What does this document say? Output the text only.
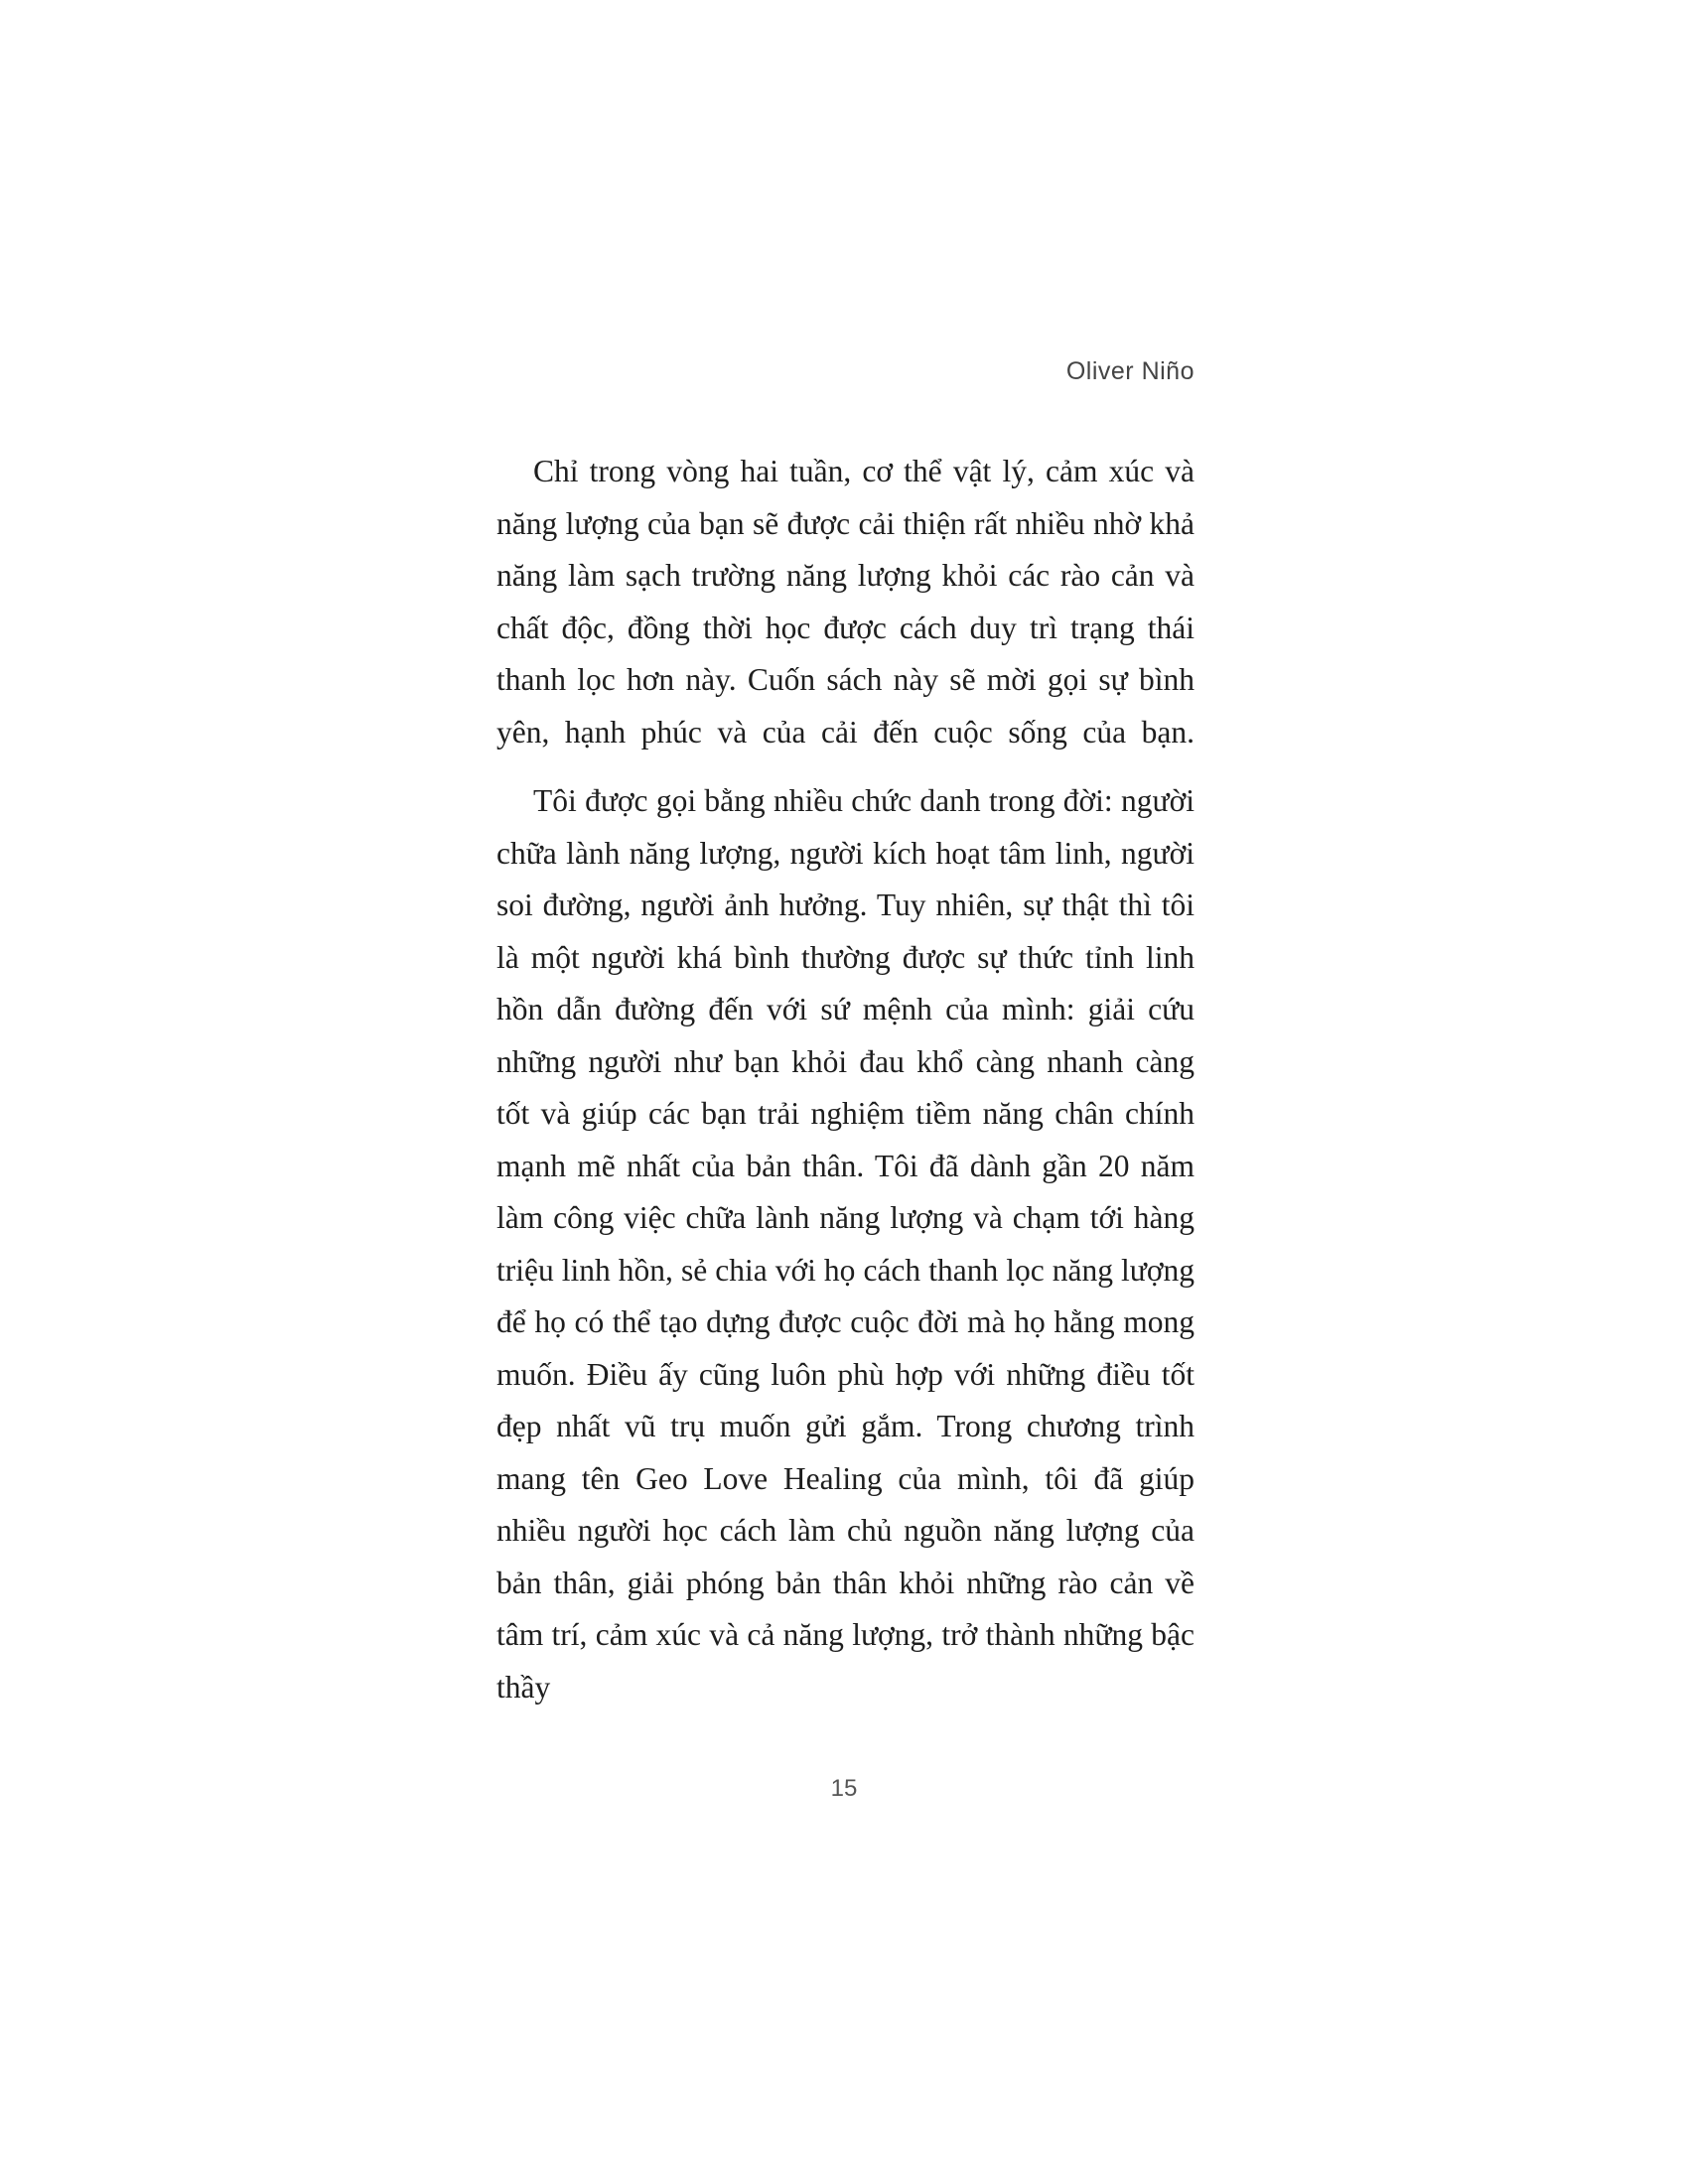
Oliver Niño

Chỉ trong vòng hai tuần, cơ thể vật lý, cảm xúc và năng lượng của bạn sẽ được cải thiện rất nhiều nhờ khả năng làm sạch trường năng lượng khỏi các rào cản và chất độc, đồng thời học được cách duy trì trạng thái thanh lọc hơn này. Cuốn sách này sẽ mời gọi sự bình yên, hạnh phúc và của cải đến cuộc sống của bạn.

Tôi được gọi bằng nhiều chức danh trong đời: người chữa lành năng lượng, người kích hoạt tâm linh, người soi đường, người ảnh hưởng. Tuy nhiên, sự thật thì tôi là một người khá bình thường được sự thức tỉnh linh hồn dẫn đường đến với sứ mệnh của mình: giải cứu những người như bạn khỏi đau khổ càng nhanh càng tốt và giúp các bạn trải nghiệm tiềm năng chân chính mạnh mẽ nhất của bản thân. Tôi đã dành gần 20 năm làm công việc chữa lành năng lượng và chạm tới hàng triệu linh hồn, sẻ chia với họ cách thanh lọc năng lượng để họ có thể tạo dựng được cuộc đời mà họ hằng mong muốn. Điều ấy cũng luôn phù hợp với những điều tốt đẹp nhất vũ trụ muốn gửi gắm. Trong chương trình mang tên Geo Love Healing của mình, tôi đã giúp nhiều người học cách làm chủ nguồn năng lượng của bản thân, giải phóng bản thân khỏi những rào cản về tâm trí, cảm xúc và cả năng lượng, trở thành những bậc thầy

15
